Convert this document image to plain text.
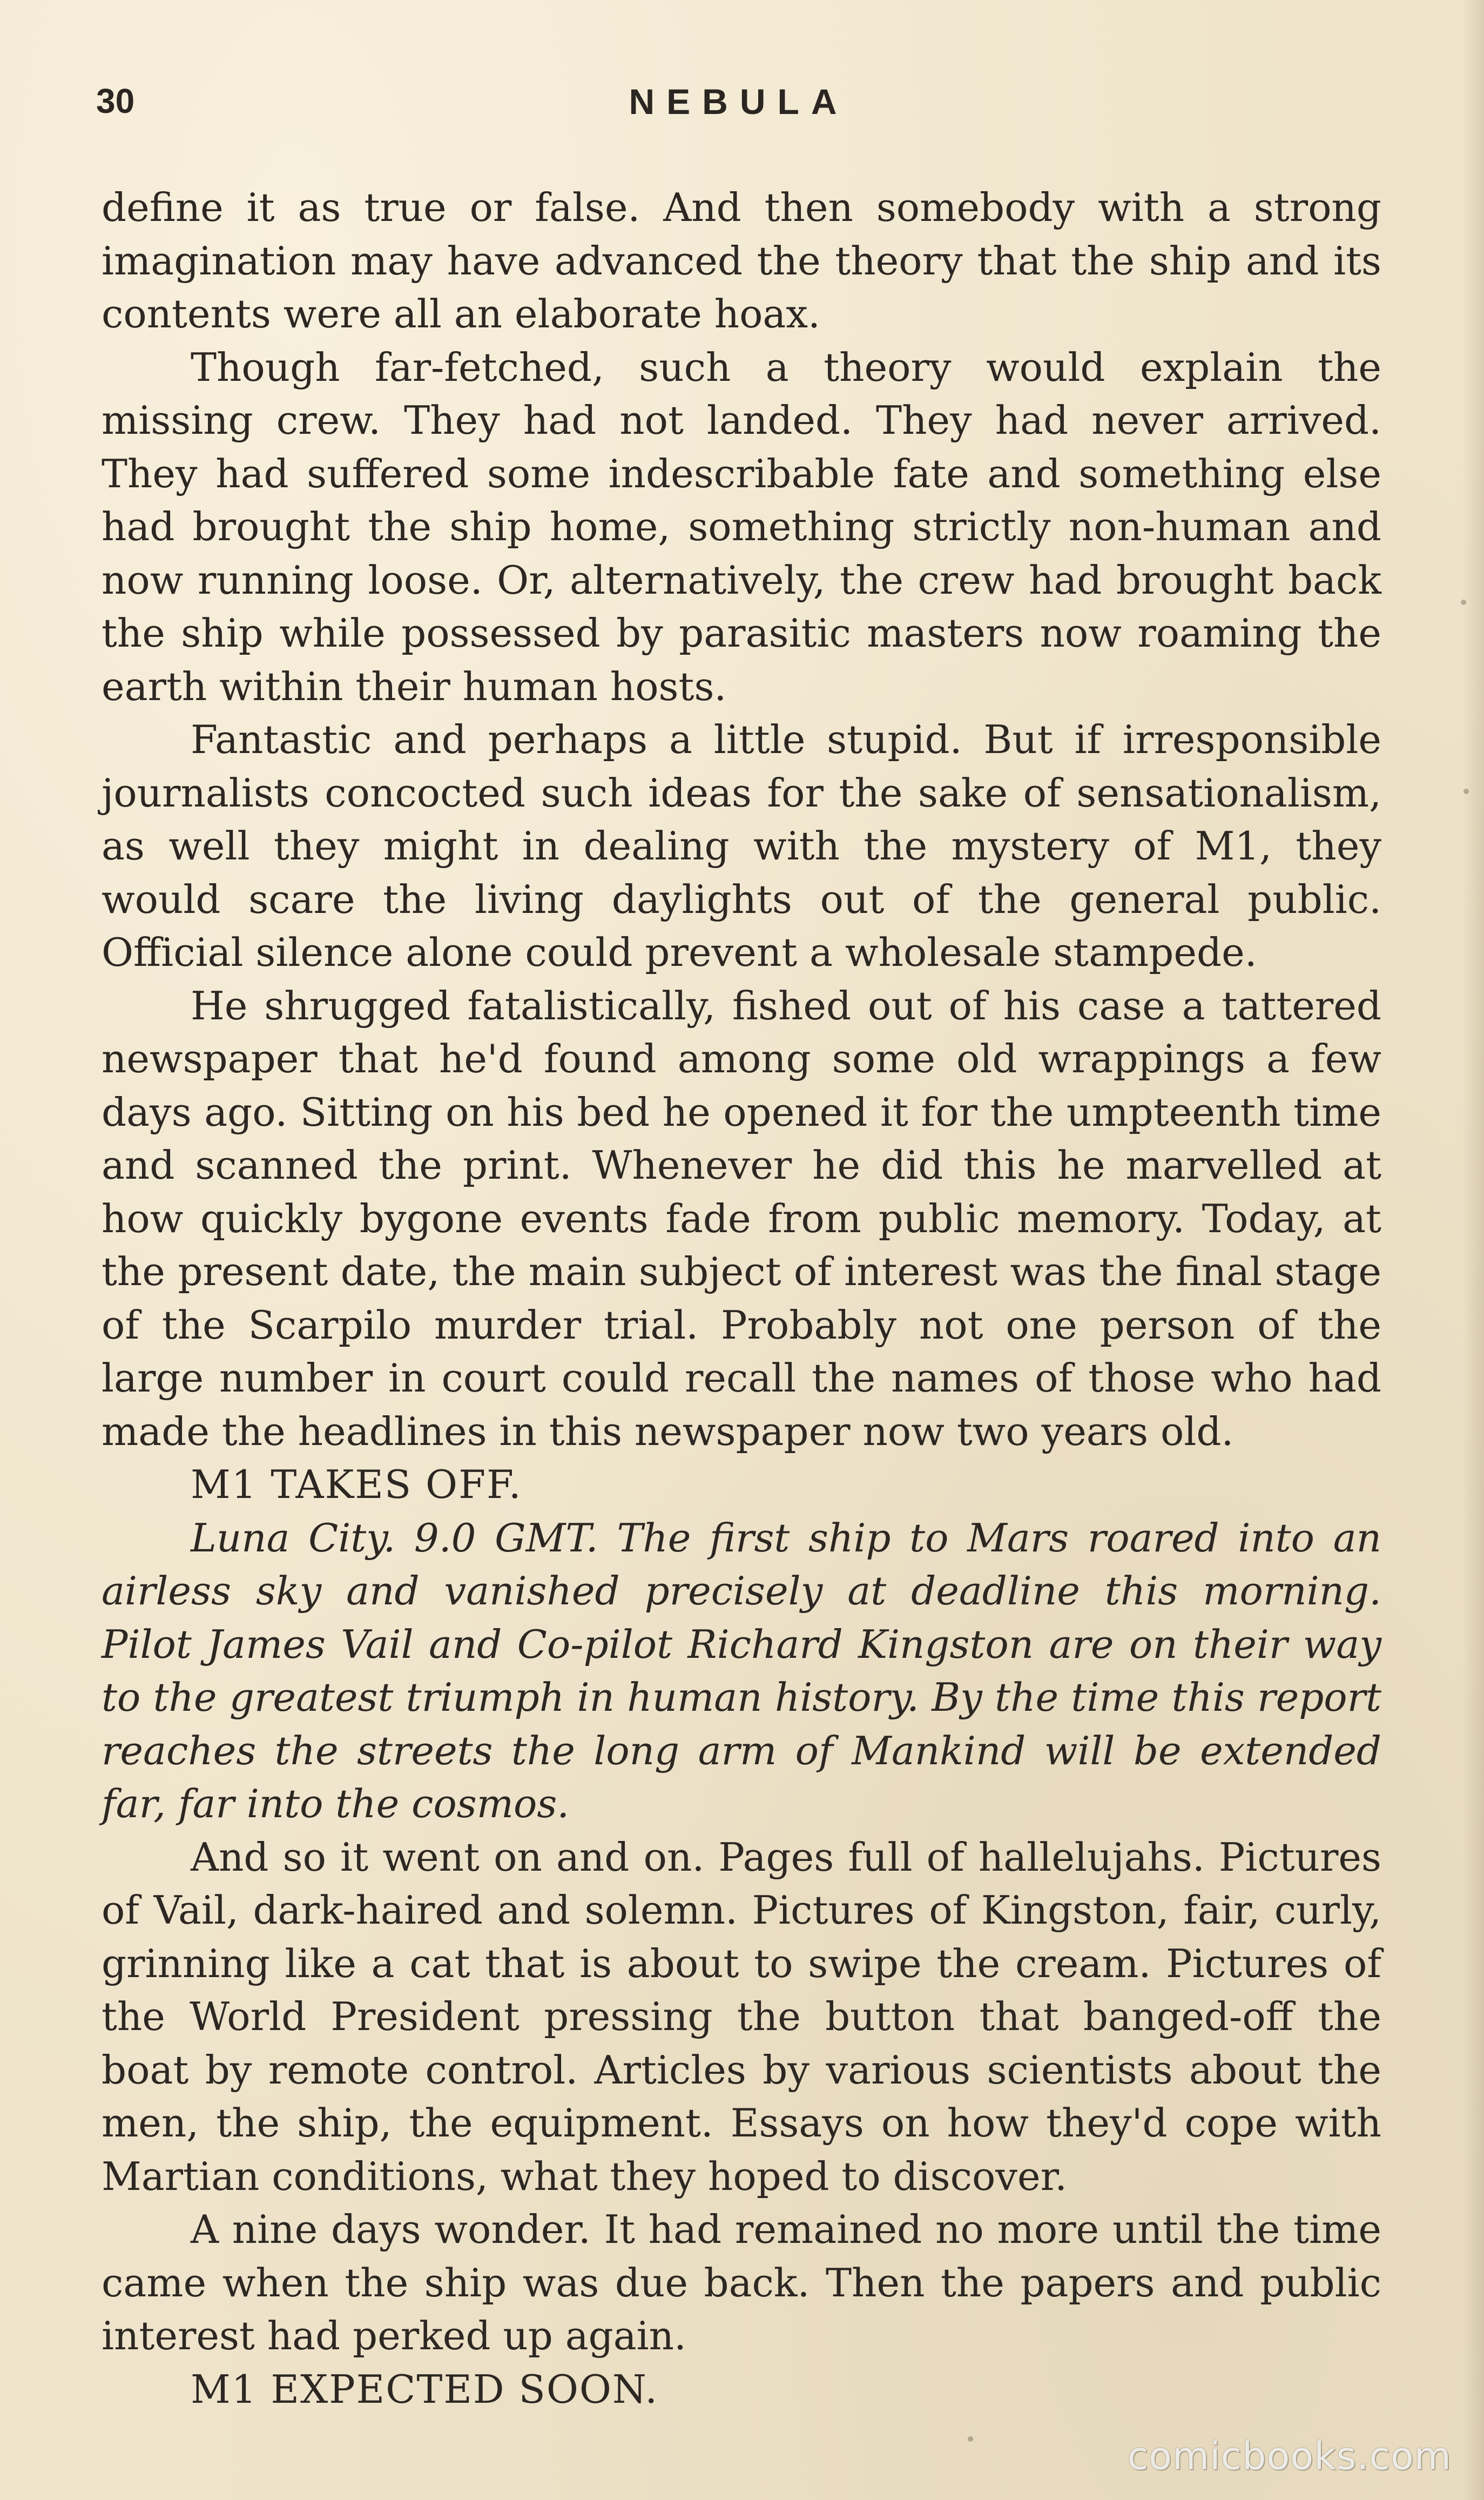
30	NEBULA

define it as true or false. And then somebody with a strong imagination may have advanced the theory that the ship and its contents were all an elaborate hoax.

Though far-fetched, such a theory would explain the missing crew. They had not landed. They had never arrived. They had suffered some indescribable fate and something else had brought the ship home, something strictly non-human and now running loose. Or, alternatively, the crew had brought back the ship while possessed by parasitic masters now roaming the earth within their human hosts.

Fantastic and perhaps a little stupid. But if irresponsible journalists concocted such ideas for the sake of sensationalism, as well they might in dealing with the mystery of M1, they would scare the living daylights out of the general public. Official silence alone could prevent a wholesale stampede.

He shrugged fatalistically, fished out of his case a tattered newspaper that he'd found among some old wrappings a few days ago. Sitting on his bed he opened it for the umpteenth time and scanned the print. Whenever he did this he marvelled at how quickly bygone events fade from public memory. Today, at the present date, the main subject of interest was the final stage of the Scarpilo murder trial. Probably not one person of the large number in court could recall the names of those who had made the headlines in this newspaper now two years old.

M1 TAKES OFF.

Luna City. 9.0 GMT. The first ship to Mars roared into an airless sky and vanished precisely at deadline this morning. Pilot James Vail and Co-pilot Richard Kingston are on their way to the greatest triumph in human history. By the time this report reaches the streets the long arm of Mankind will be extended far, far into the cosmos.

And so it went on and on. Pages full of hallelujahs. Pictures of Vail, dark-haired and solemn. Pictures of Kingston, fair, curly, grinning like a cat that is about to swipe the cream. Pictures of the World President pressing the button that banged-off the boat by remote control. Articles by various scientists about the men, the ship, the equipment. Essays on how they'd cope with Martian conditions, what they hoped to discover.

A nine days wonder. It had remained no more until the time came when the ship was due back. Then the papers and public interest had perked up again.

M1 EXPECTED SOON.

comicbooks.com
